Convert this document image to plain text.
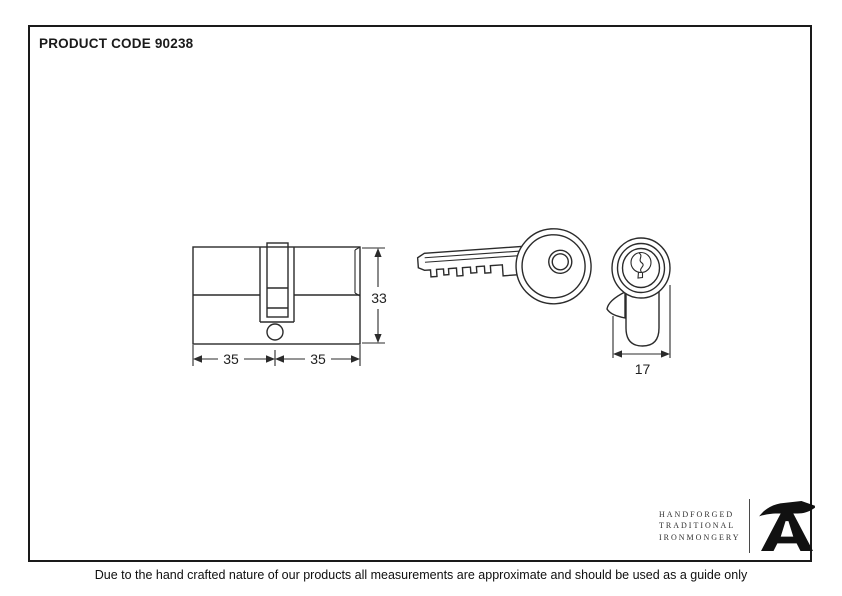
PRODUCT CODE 90238
35	35
33
17
HANDFORGED
TRADITIONAL
IRONMONGERY
Due to the hand crafted nature of our products all measurements are approximate and should be used as a guide only
